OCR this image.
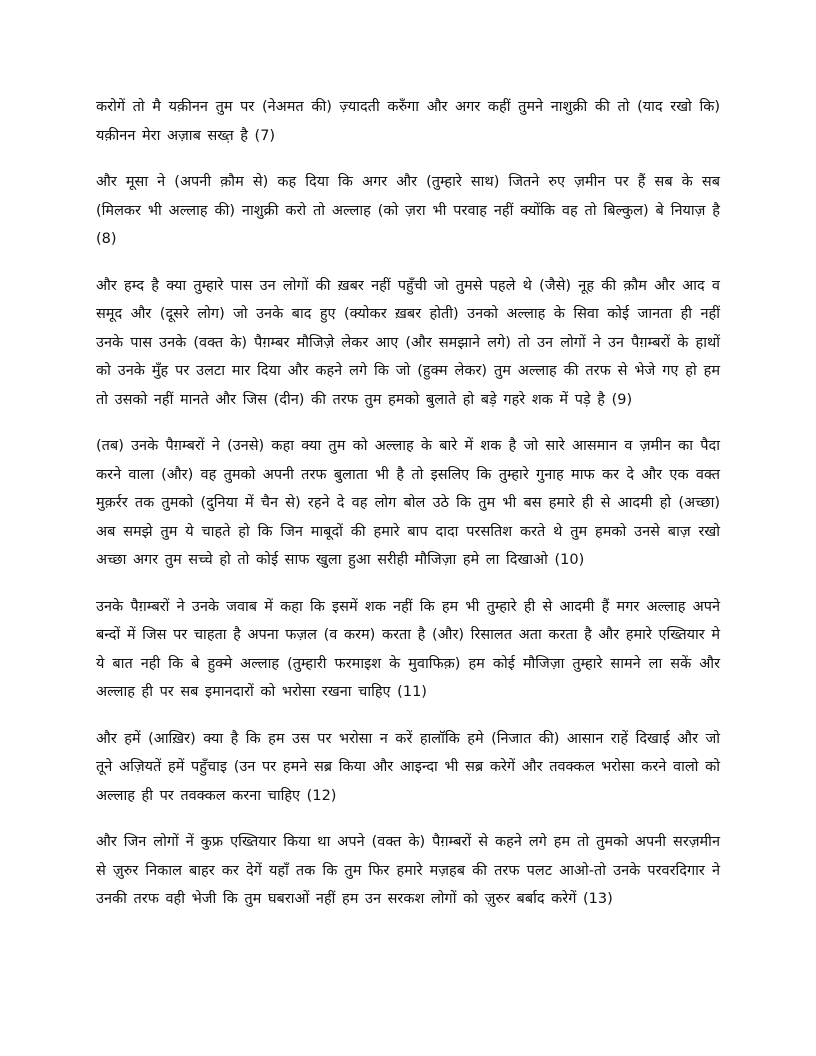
करोगें तो मै यक़ीनन तुम पर (नेअमत की) ज़्यादती करुँगा और अगर कहीं तुमने नाशुक्री की तो (याद रखो कि) यक़ीनन मेरा अज़ाब सख्त़ है (7)

और मूसा ने (अपनी क़ौम से) कह दिया कि अगर और (तुम्हारे साथ) जितने रुए ज़मीन पर हैं सब के सब (मिलकर भी अल्लाह की) नाशुक्री करो तो अल्लाह (को ज़रा भी परवाह नहीं क्योंकि वह तो बिल्कुल) बे नियाज़ है (8)

और हम्द है क्या तुम्हारे पास उन लोगों की ख़बर नहीं पहुँची जो तुमसे पहले थे (जैसे) नूह की क़ौम और आद व समूद और (दूसरे लोग) जो उनके बाद हुए (क्योकर ख़बर होती) उनको अल्लाह के सिवा कोई जानता ही नहीं उनके पास उनके (वक्त के) पैग़म्बर मौजिज़े लेकर आए (और समझाने लगे) तो उन लोगों ने उन पैग़म्बरों के हाथों को उनके मुँह पर उलटा मार दिया और कहने लगे कि जो (हुक्म लेकर) तुम अल्लाह की तरफ से भेजे गए हो हम तो उसको नहीं मानते और जिस (दीन) की तरफ तुम हमको बुलाते हो बड़े गहरे शक में पड़े है (9)

(तब) उनके पैग़म्बरों ने (उनसे) कहा क्या तुम को अल्लाह के बारे में शक है जो सारे आसमान व ज़मीन का पैदा करने वाला (और) वह तुमको अपनी तरफ बुलाता भी है तो इसलिए कि तुम्हारे गुनाह माफ कर दे और एक वक्त मुक़र्रर तक तुमको (दुनिया में चैन से) रहने दे वह लोग बोल उठे कि तुम भी बस हमारे ही से आदमी हो (अच्छा) अब समझे तुम ये चाहते हो कि जिन माबूदों की हमारे बाप दादा परसतिश करते थे तुम हमको उनसे बाज़ रखो अच्छा अगर तुम सच्चे हो तो कोई साफ खुला हुआ सरीही मौजिज़ा हमे ला दिखाओ (10)

उनके पैग़म्बरों ने उनके जवाब में कहा कि इसमें शक नहीं कि हम भी तुम्हारे ही से आदमी हैं मगर अल्लाह अपने बन्दों में जिस पर चाहता है अपना फज़ल (व करम) करता है (और) रिसालत अता करता है और हमारे एख्तियार मे ये बात नही कि बे हुक्मे अल्लाह (तुम्हारी फरमाइश के मुवाफिक़) हम कोई मौजिज़ा तुम्हारे सामने ला सकें और अल्लाह ही पर सब इमानदारों को भरोसा रखना चाहिए (11)

और हमें (आख़िर) क्या है कि हम उस पर भरोसा न करें हालॉकि हमे (निजात की) आसान राहें दिखाई और जो तूने अज़ियतें हमें पहुँचाइ (उन पर हमने सब्र किया और आइन्दा भी सब्र करेगें और तवक्कल भरोसा करने वालो को अल्लाह ही पर तवक्कल करना चाहिए (12)

और जिन लोगों नें कुफ्र एख्तियार किया था अपने (वक्त के) पैग़म्बरों से कहने लगे हम तो तुमको अपनी सरज़मीन से ज़ुरुर निकाल बाहर कर देगें यहाँ तक कि तुम फिर हमारे मज़हब की तरफ पलट आओ-तो उनके परवरदिगार ने उनकी तरफ वही भेजी कि तुम घबराओं नहीं हम उन सरकश लोगों को ज़ुरुर बर्बाद करेगें (13)
